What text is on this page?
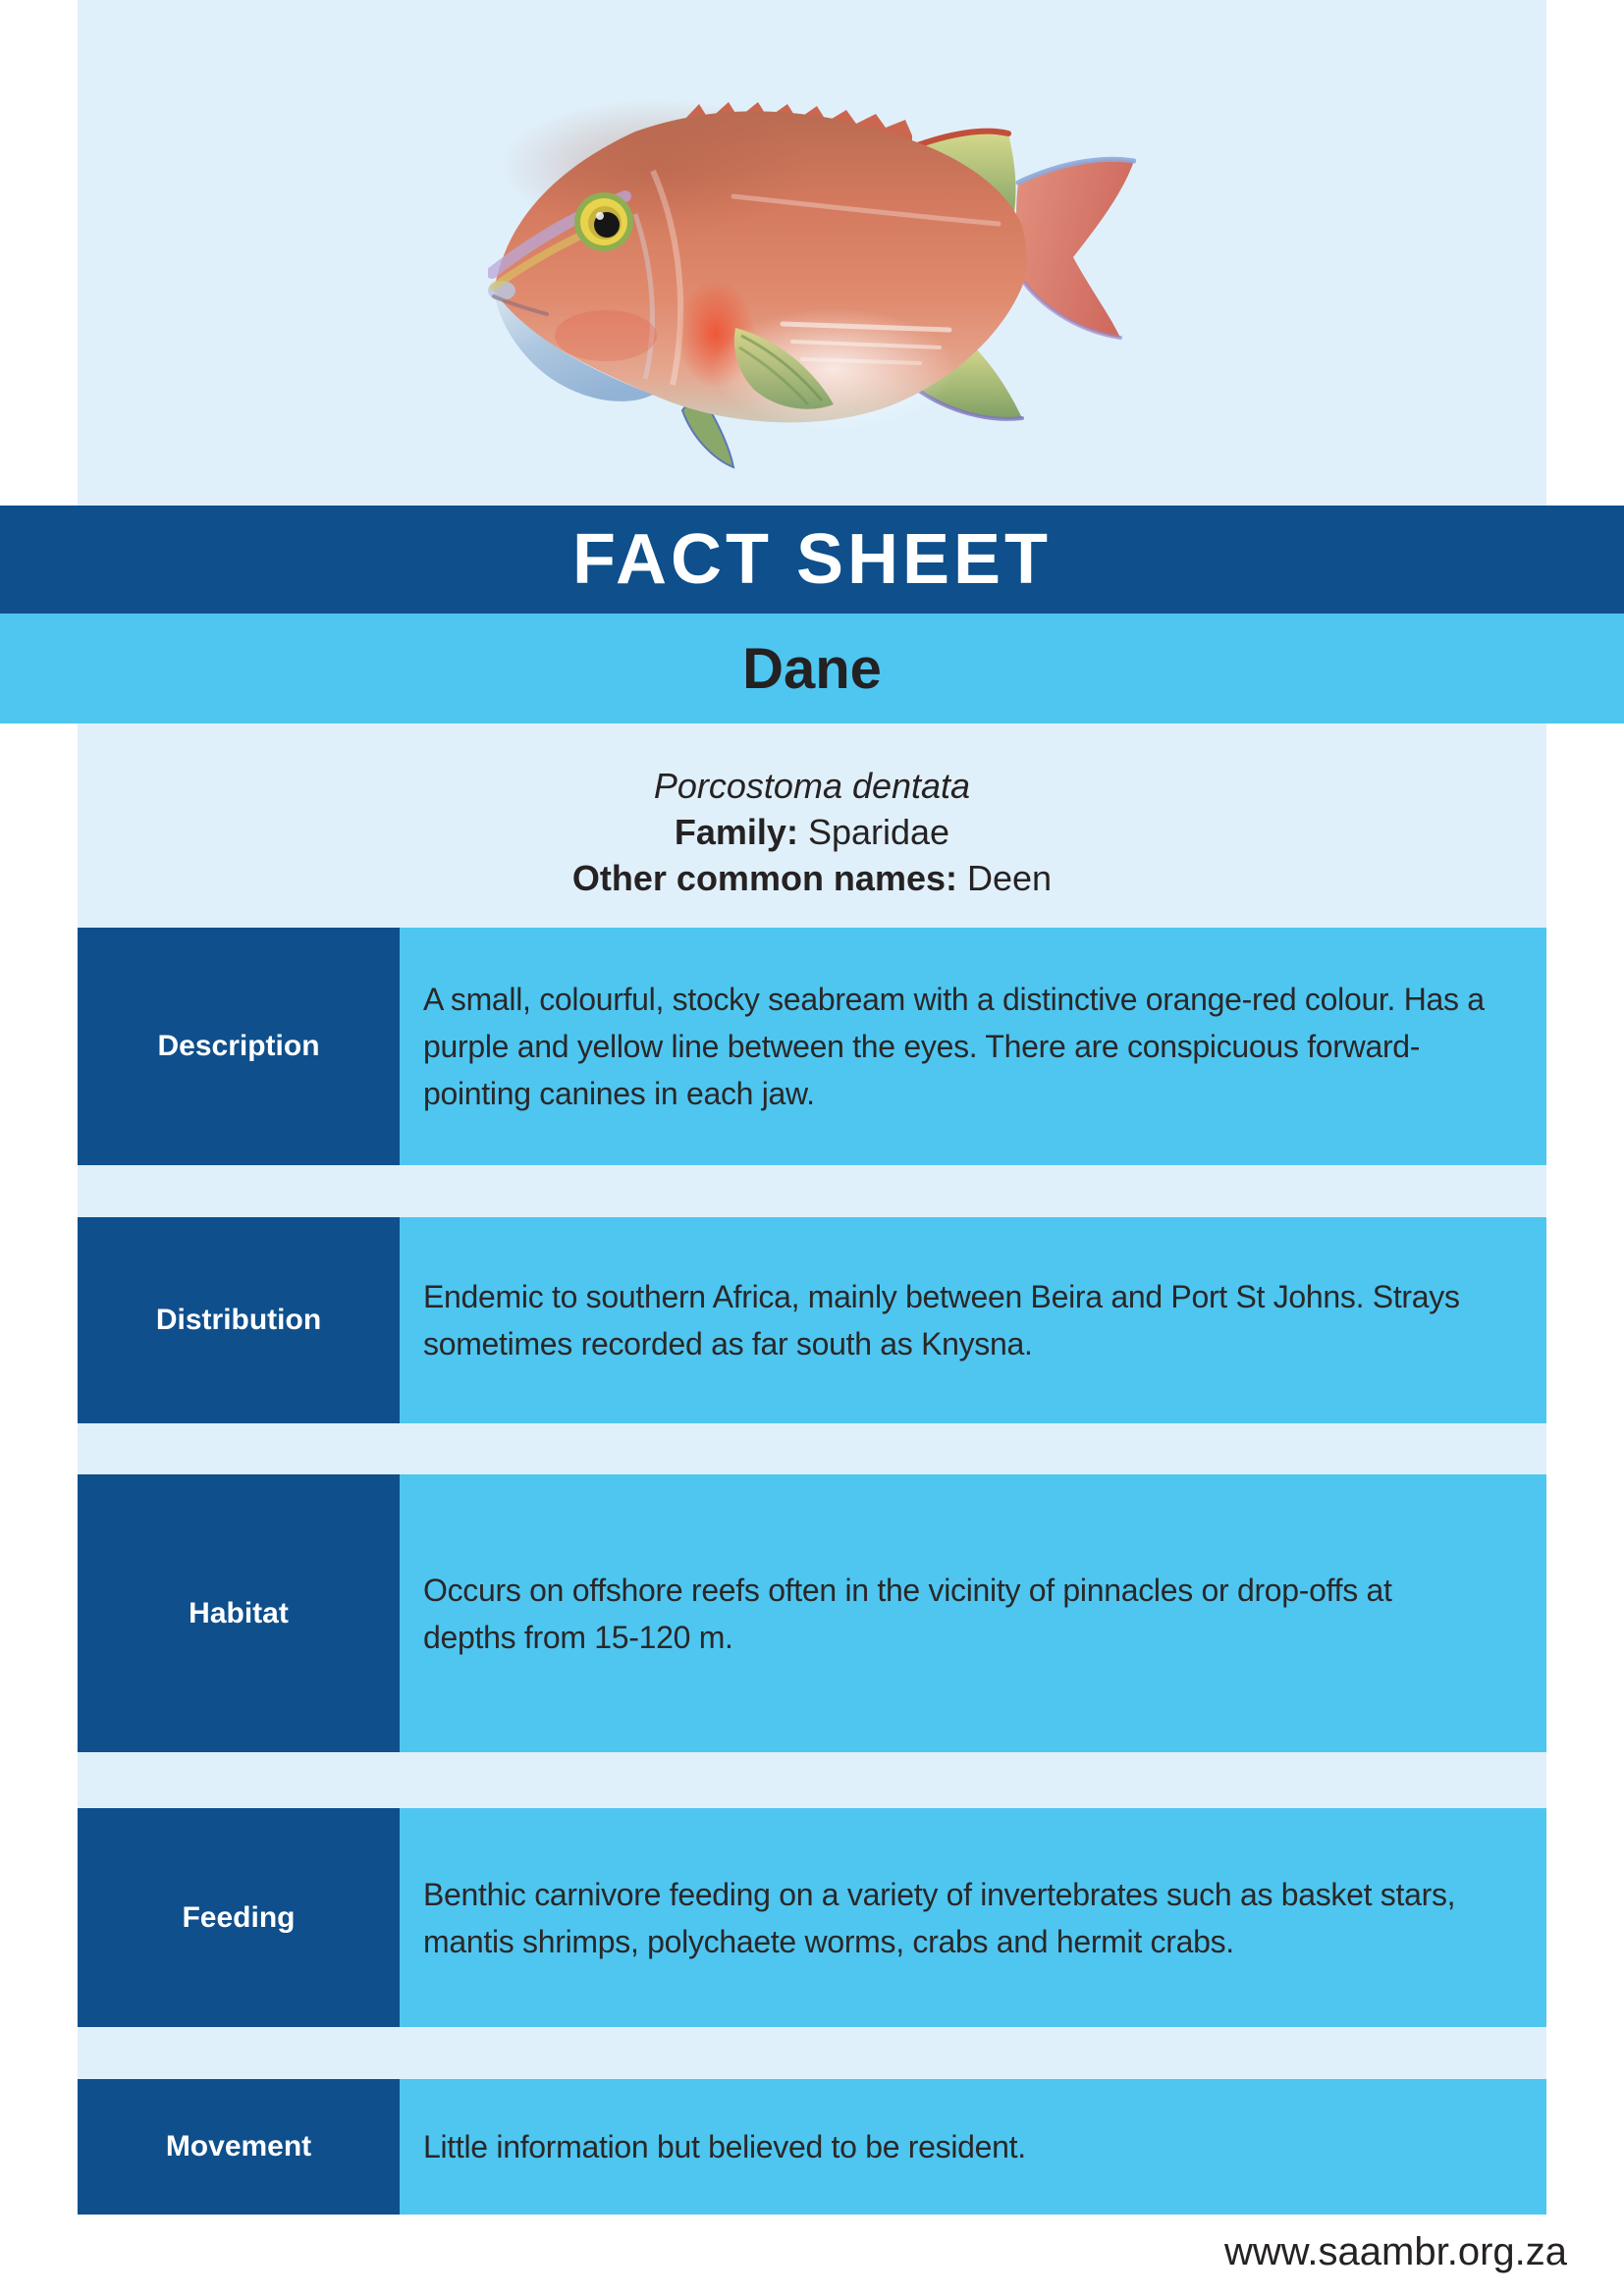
FACT SHEET
Dane

Porcostoma dentata

Family: Sparidae

Other common names: Deen

Description
A small, colourful, stocky seabream with a distinctive orange-red colour. Has a purple and yellow line between the eyes. There are conspicuous forward-pointing canines in each jaw.
Distribution
Endemic to southern Africa, mainly between Beira and Port St Johns. Strays sometimes recorded as far south as Knysna.
Habitat
Occurs on offshore reefs often in the vicinity of pinnacles or drop-offs at depths from 15-120 m.
Feeding
Benthic carnivore feeding on a variety of invertebrates such as basket stars, mantis shrimps, polychaete worms, crabs and hermit crabs.
Movement	Little information but believed to be resident.
www.saambr.org.za
